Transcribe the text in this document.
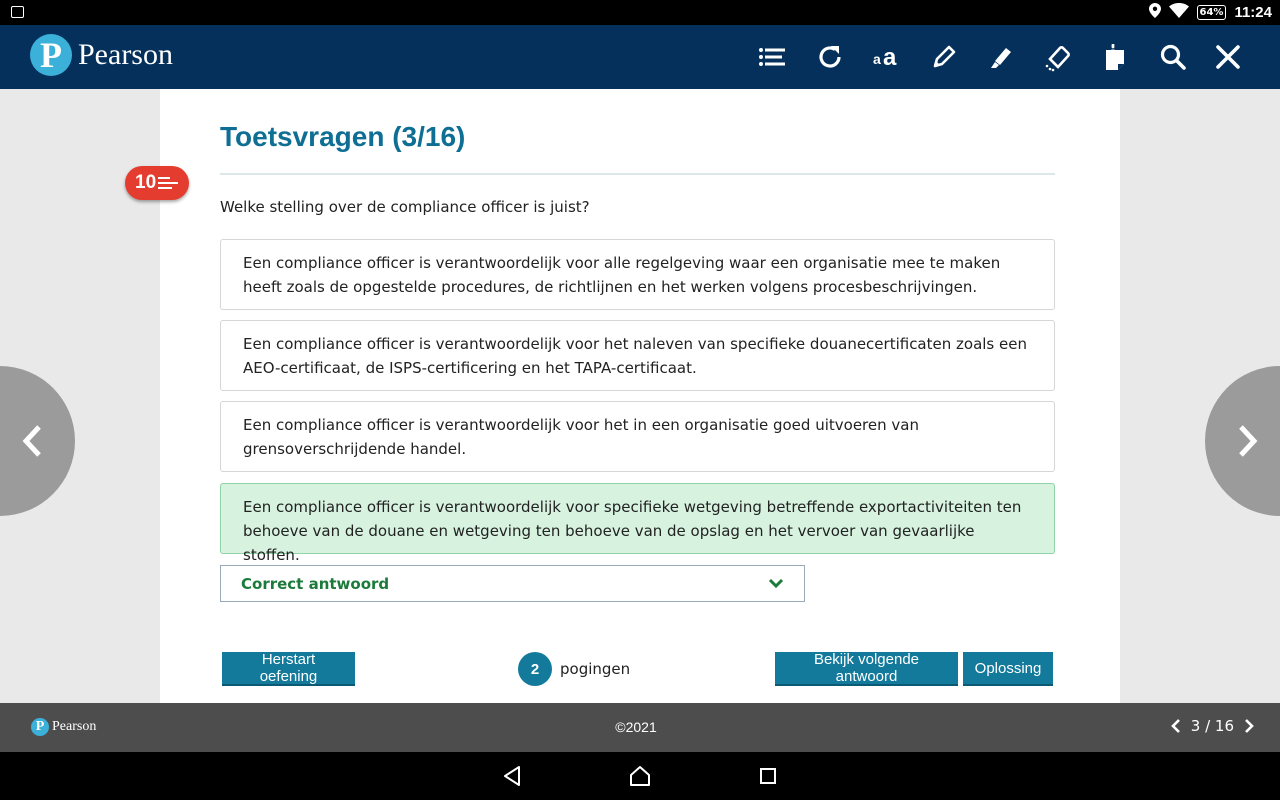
64% 11:24
P Pearson	a a
Toetsvragen (3/16)
10
Welke stelling over de compliance officer is juist?
Een compliance officer is verantwoordelijk voor alle regelgeving waar een organisatie mee te maken heeft zoals de opgestelde procedures, de richtlijnen en het werken volgens procesbeschrijvingen.
Een compliance officer is verantwoordelijk voor het naleven van specifieke douanecertificaten zoals een AEO-certificaat, de ISPS-certificering en het TAPA-certificaat.
Een compliance officer is verantwoordelijk voor het in een organisatie goed uitvoeren van grensoverschrijdende handel.
Een compliance officer is verantwoordelijk voor specifieke wetgeving betreffende exportactiviteiten ten behoeve van de douane en wetgeving ten behoeve van de opslag en het vervoer van gevaarlijke stoffen.
Correct antwoord
Herstart oefening	2	pogingen
Bekijk volgende antwoord	Oplossing
P Pearson	©2021	3 / 16
